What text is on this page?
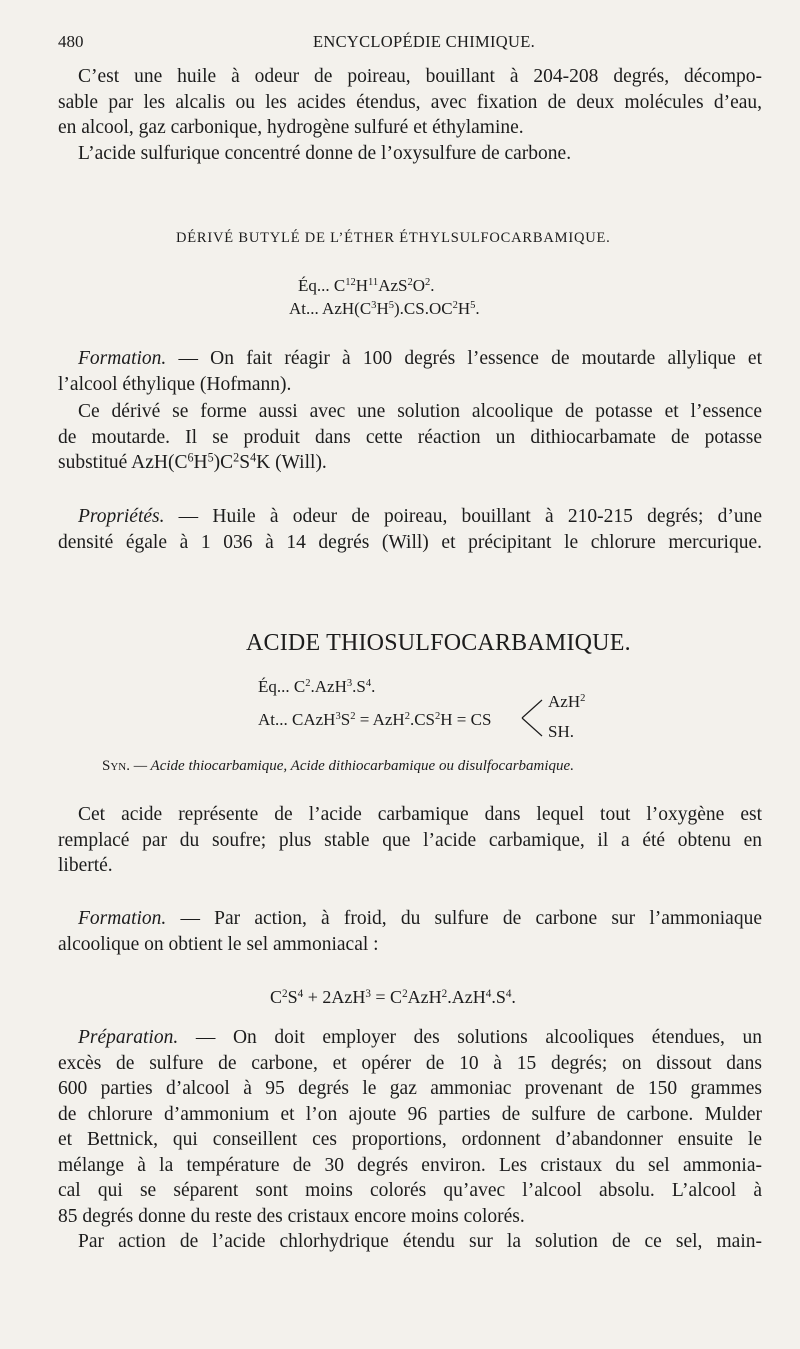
480	ENCYCLOPÉDIE CHIMIQUE.

C’est une huile à odeur de poireau, bouillant à 204-208 degrés, décompo-
sable par les alcalis ou les acides étendus, avec fixation de deux molécules d’eau,
en alcool, gaz carbonique, hydrogène sulfuré et éthylamine.
L’acide sulfurique concentré donne de l’oxysulfure de carbone.

DÉRIVÉ BUTYLÉ DE L’ÉTHER ÉTHYLSULFOCARBAMIQUE.
Éq... $C^{12}H^{11}AzS^2O^2$.
At... $AzH(C^3H^5).CS.OC^2H^5$.

Formation. — On fait réagir à 100 degrés l’essence de moutarde allylique et
l’alcool éthylique (Hofmann).

Ce dérivé se forme aussi avec une solution alcoolique de potasse et l’essence
de moutarde. Il se produit dans cette réaction un dithiocarbamate de potasse
substitué $AzH(C^6H^5)C^2S^4K$ (Will).

Propriétés. — Huile à odeur de poireau, bouillant à 210-215 degrés; d’une
densité égale à 1 036 à 14 degrés (Will) et précipitant le chlorure mercurique.

ACIDE THIOSULFOCARBAMIQUE.
Éq... $C^2.AzH^3.S^4$.
At... $CAzH^3S^2 = AzH^2.CS^2H$ = CS
AzH$^2$
SH.
Syn. — Acide thiocarbamique, Acide dithiocarbamique ou disulfocarbamique.

Cet acide représente de l’acide carbamique dans lequel tout l’oxygène est
remplacé par du soufre; plus stable que l’acide carbamique, il a été obtenu en
liberté.

Formation. — Par action, à froid, du sulfure de carbone sur l’ammoniaque
alcoolique on obtient le sel ammoniacal :

$C^2S^4 + 2AzH^3 = C^2AzH^2.AzH^4.S^4$.

Préparation. — On doit employer des solutions alcooliques étendues, un
excès de sulfure de carbone, et opérer de 10 à 15 degrés; on dissout dans
600 parties d’alcool à 95 degrés le gaz ammoniac provenant de 150 grammes
de chlorure d’ammonium et l’on ajoute 96 parties de sulfure de carbone. Mulder
et Bettnick, qui conseillent ces proportions, ordonnent d’abandonner ensuite le
mélange à la température de 30 degrés environ. Les cristaux du sel ammonia-
cal qui se séparent sont moins colorés qu’avec l’alcool absolu. L’alcool à
85 degrés donne du reste des cristaux encore moins colorés.
Par action de l’acide chlorhydrique étendu sur la solution de ce sel, main-
